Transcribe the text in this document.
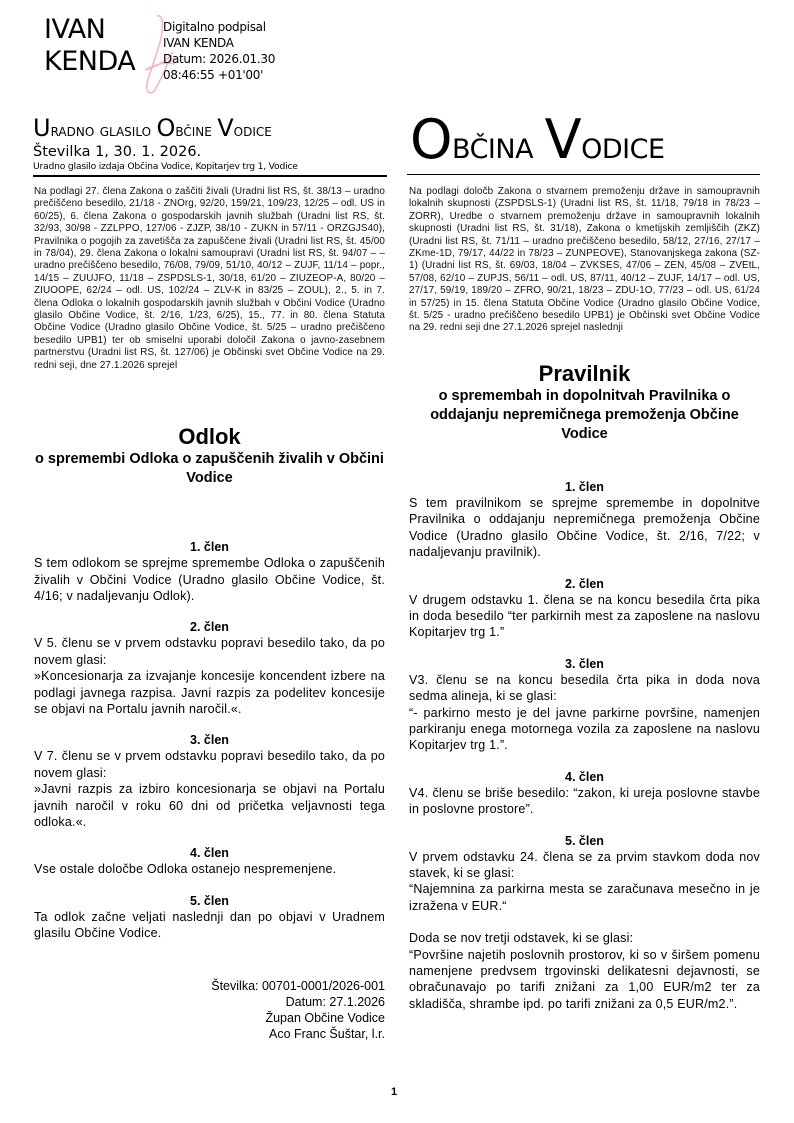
IVAN
KENDA
Digitalno podpisal
IVAN KENDA
Datum: 2026.01.30
08:46:55 +01'00'
Uradno glasilo Občine Vodice
Številka 1, 30. 1. 2026.
Uradno glasilo izdaja Občina Vodice, Kopitarjev trg 1, Vodice	Občina Vodice

Na podlagi 27. člena Zakona o zaščiti živali (Uradni list RS, št. 38/13 – uradno prečiščeno besedilo, 21/18 - ZNOrg, 92/20, 159/21, 109/23, 12/25 – odl. US in 60/25), 6. člena Zakona o gospodarskih javnih službah (Uradni list RS, št. 32/93, 30/98 - ZZLPPO, 127/06 - ZJZP, 38/10 - ZUKN in 57/11 - ORZGJS40), Pravilnika o pogojih za zavetišča za zapuščene živali (Uradni list RS, št. 45/00 in 78/04), 29. člena Zakona o lokalni samoupravi (Uradni list RS, št. 94/07 – – uradno prečiščeno besedilo, 76/08, 79/09, 51/10, 40/12 – ZUJF, 11/14 – popr., 14/15 – ZUUJFO, 11/18 – ZSPDSLS-1, 30/18, 61/20 – ZIUZEOP-A, 80/20 – ZIUOOPE, 62/24 – odl. US, 102/24 – ZLV-K in 83/25 – ZOUL), 2., 5. in 7. člena Odloka o lokalnih gospodarskih javnih službah v Občini Vodice (Uradno glasilo Občine Vodice, št. 2/16, 1/23, 6/25), 15., 77. in 80. člena Statuta Občine Vodice (Uradno glasilo Občine Vodice, št. 5/25 – uradno prečiščeno besedilo UPB1) ter ob smiselni uporabi določil Zakona o javno-zasebnem partnerstvu (Uradni list RS, št. 127/06) je Občinski svet Občine Vodice na 29. redni seji, dne 27.1.2026 sprejel

Odlok
o spremembi Odloka o zapuščenih živalih v Občini Vodice
1. člen

S tem odlokom se sprejme spremembe Odloka o zapuščenih živalih v Občini Vodice (Uradno glasilo Občine Vodice, št. 4/16; v nadaljevanju Odlok).

2. člen

V 5. členu se v prvem odstavku popravi besedilo tako, da po novem glasi:

»Koncesionarja za izvajanje koncesije koncendent izbere na podlagi javnega razpisa. Javni razpis za podelitev koncesije se objavi na Portalu javnih naročil.«.

3. člen

V 7. členu se v prvem odstavku popravi besedilo tako, da po novem glasi:

»Javni razpis za izbiro koncesionarja se objavi na Portalu javnih naročil v roku 60 dni od pričetka veljavnosti tega odloka.«.

4. člen

Vse ostale določbe Odloka ostanejo nespremenjene.

5. člen

Ta odlok začne veljati naslednji dan po objavi v Uradnem glasilu Občine Vodice.

Številka: 00701-0001/2026-001
Datum: 27.1.2026
Župan Občine Vodice
Aco Franc Šuštar, l.r.

Na podlagi določb Zakona o stvarnem premoženju države in samoupravnih lokalnih skupnosti (ZSPDSLS-1) (Uradni list RS, št. 11/18, 79/18 in 78/23 – ZORR), Uredbe o stvarnem premoženju države in samoupravnih lokalnih skupnosti (Uradni list RS, št. 31/18), Zakona o kmetijskih zemljiščih (ZKZ) (Uradni list RS, št. 71/11 – uradno prečiščeno besedilo, 58/12, 27/16, 27/17 – ZKme-1D, 79/17, 44/22 in 78/23 – ZUNPEOVE), Stanovanjskega zakona (SZ-1) (Uradni list RS, št. 69/03, 18/04 – ZVKSES, 47/06 – ZEN, 45/08 – ZVEtL, 57/08, 62/10 – ZUPJS, 56/11 – odl. US, 87/11, 40/12 – ZUJF, 14/17 – odl. US, 27/17, 59/19, 189/20 – ZFRO, 90/21, 18/23 – ZDU-1O, 77/23 – odl. US, 61/24 in 57/25) in 15. člena Statuta Občine Vodice (Uradno glasilo Občine Vodice, št. 5/25 - uradno prečiščeno besedilo UPB1) je Občinski svet Občine Vodice na 29. redni seji dne 27.1.2026 sprejel naslednji

Pravilnik
o spremembah in dopolnitvah Pravilnika o oddajanju nepremičnega premoženja Občine Vodice
1. člen

S tem pravilnikom se sprejme spremembe in dopolnitve Pravilnika o oddajanju nepremičnega premoženja Občine Vodice (Uradno glasilo Občine Vodice, št. 2/16, 7/22; v nadaljevanju pravilnik).

2. člen

V drugem odstavku 1. člena se na koncu besedila črta pika in doda besedilo “ter parkirnih mest za zaposlene na naslovu Kopitarjev trg 1.”

3. člen

V3. členu se na koncu besedila črta pika in doda nova sedma alineja, ki se glasi:

“- parkirno mesto je del javne parkirne površine, namenjen parkiranju enega motornega vozila za zaposlene na naslovu Kopitarjev trg 1.”.

4. člen

V4. členu se briše besedilo: “zakon, ki ureja poslovne stavbe in poslovne prostore”.

5. člen

V prvem odstavku 24. člena se za prvim stavkom doda nov stavek, ki se glasi:

“Najemnina za parkirna mesta se zaračunava mesečno in je izražena v EUR.“

Doda se nov tretji odstavek, ki se glasi:

“Površine najetih poslovnih prostorov, ki so v širšem pomenu namenjene predvsem trgovinski delikatesni dejavnosti, se obračunavajo po tarifi znižani za 1,00 EUR/m2 ter za skladišča, shrambe ipd. po tarifi znižani za 0,5 EUR/m2.”.

1
